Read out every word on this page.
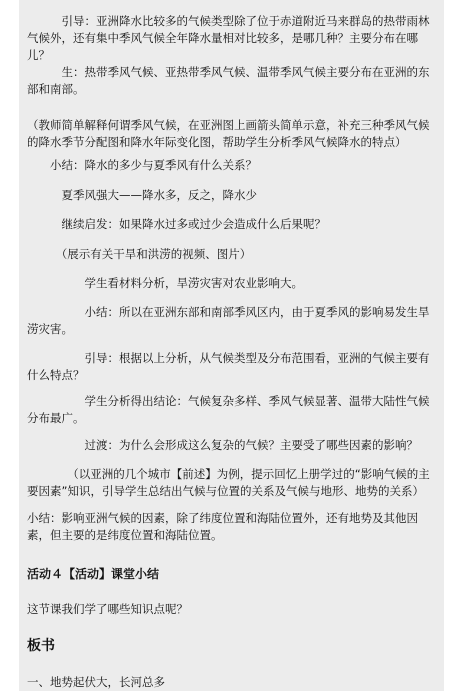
　　　引导：亚洲降水比较多的气候类型除了位于赤道附近马来群岛的热带雨林气候外，还有集中季风气候全年降水量相对比较多，是哪几种？主要分布在哪儿？
　　　生：热带季风气候、亚热带季风气候、温带季风气候主要分布在亚洲的东部和南部。
（教师简单解释何谓季风气候，在亚洲图上画箭头简单示意，补充三种季风气候的降水季节分配图和降水年际变化图，帮助学生分析季风气候降水的特点）
　　小结：降水的多少与夏季风有什么关系？
　　　夏季风强大——降水多，反之，降水少
　　　继续启发：如果降水过多或过少会造成什么后果呢？
　　　（展示有关干旱和洪涝的视频、图片）
　　　　　学生看材料分析，旱涝灾害对农业影响大。
　　　　　小结：所以在亚洲东部和南部季风区内，由于夏季风的影响易发生旱涝灾害。
　　　　　引导：根据以上分析，从气候类型及分布范围看，亚洲的气候主要有什么特点？
　　　　　学生分析得出结论：气候复杂多样、季风气候显著、温带大陆性气候分布最广。
　　　　　过渡：为什么会形成这么复杂的气候？主要受了哪些因素的影响？
　　　　（以亚洲的几个城市【前述】为例，提示回忆上册学过的“影响气候的主要因素”知识，引导学生总结出气候与位置的关系及气候与地形、地势的关系）
小结：影响亚洲气候的因素，除了纬度位置和海陆位置外，还有地势及其他因素，但主要的是纬度位置和海陆位置。
活动４【活动】课堂小结
这节课我们学了哪些知识点呢？
板书
一、地势起伏大，长河总多
